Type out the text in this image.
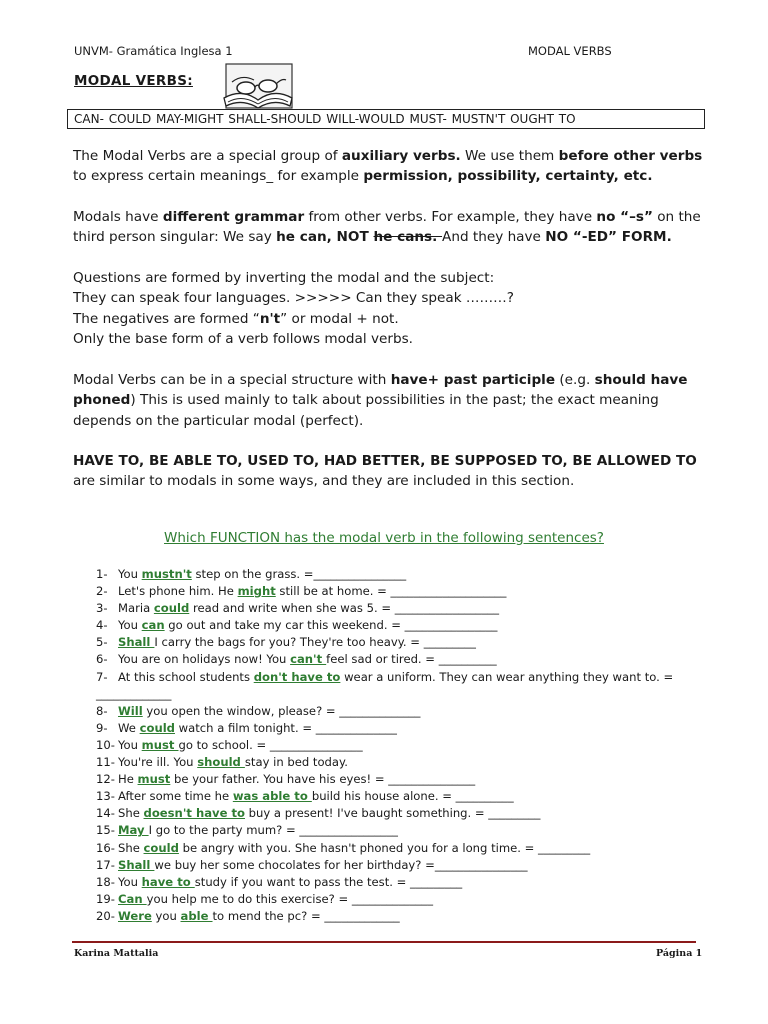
UNVM- Gramática Inglesa 1	MODAL VERBS
MODAL VERBS:
CAN- COULD MAY-MIGHT SHALL-SHOULD WILL-WOULD MUST- MUSTN'T OUGHT TO

The Modal Verbs are a special group of auxiliary verbs. We use them before other verbs to express certain meanings_ for example permission, possibility, certainty, etc.

Modals have different grammar from other verbs. For example, they have no “–s” on the third person singular: We say he can, NOT he cans. And they have NO “-ED” FORM.

Questions are formed by inverting the modal and the subject:

They can speak four languages. >>>>> Can they speak ………?

The negatives are formed “n't” or modal + not.

Only the base form of a verb follows modal verbs.

Modal Verbs can be in a special structure with have+ past participle (e.g. should have phoned) This is used mainly to talk about possibilities in the past; the exact meaning depends on the particular modal (perfect).

HAVE TO, BE ABLE TO, USED TO, HAD BETTER, BE SUPPOSED TO, BE ALLOWED TO are similar to modals in some ways, and they are included in this section.

Which FUNCTION has the modal verb in the following sentences?
1- You mustn't step on the grass. =________________
2- Let's phone him. He might still be at home. = ____________________
3- Maria could read and write when she was 5. = __________________
4- You can go out and take my car this weekend. = ________________
5- Shall I carry the bags for you? They're too heavy. = _________
6- You are on holidays now! You can't feel sad or tired. = __________
7- At this school students don't have to wear a uniform. They can wear anything they want to. = _____________
8- Will you open the window, please? = ______________
9- We could watch a film tonight. = ______________
10- You must go to school. = ________________
11- You're ill. You should stay in bed today.
12- He must be your father. You have his eyes! = _______________
13- After some time he was able to build his house alone. = __________
14- She doesn't have to buy a present! I've baught something. = _________
15- May I go to the party mum? = _________________
16- She could be angry with you. She hasn't phoned you for a long time. = _________
17- Shall we buy her some chocolates for her birthday? =________________
18- You have to study if you want to pass the test. = _________
19- Can you help me to do this exercise? = ______________
20- Were you able to mend the pc? = _____________
Karina Mattalia	Página 1
